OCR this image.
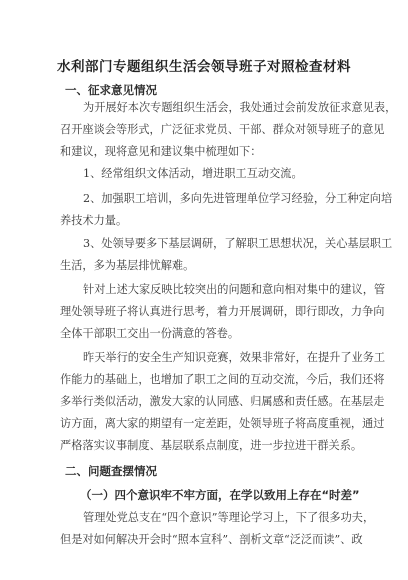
水利部门专题组织生活会领导班子对照检查材料
一、征求意见情况
为开展好本次专题组织生活会，我处通过会前发放征求意见表，
召开座谈会等形式，广泛征求党员、干部、群众对领导班子的意见
和建议，现将意见和建议集中梳理如下：
1、经常组织文体活动，增进职工互动交流。
2、加强职工培训，多向先进管理单位学习经验，分工种定向培
养技术力量。
3、处领导要多下基层调研，了解职工思想状况，关心基层职工
生活，多为基层排忧解难。
针对上述大家反映比较突出的问题和意向相对集中的建议，管
理处领导班子将认真进行思考，着力开展调研，即行即改，力争向
全体干部职工交出一份满意的答卷。
昨天举行的安全生产知识竞赛，效果非常好，在提升了业务工
作能力的基础上，也增加了职工之间的互动交流，今后，我们还将
多举行类似活动，激发大家的认同感、归属感和责任感。在基层走
访方面，离大家的期望有一定差距，处领导班子将高度重视，通过
严格落实议事制度、基层联系点制度，进一步拉进干群关系。
二、问题查摆情况
（一）四个意识牢不牢方面，在学以致用上存在“时差”
管理处党总支在“四个意识”等理论学习上，下了很多功夫，
但是对如何解决开会时“照本宣科”、剖析文章“泛泛而读”、政
